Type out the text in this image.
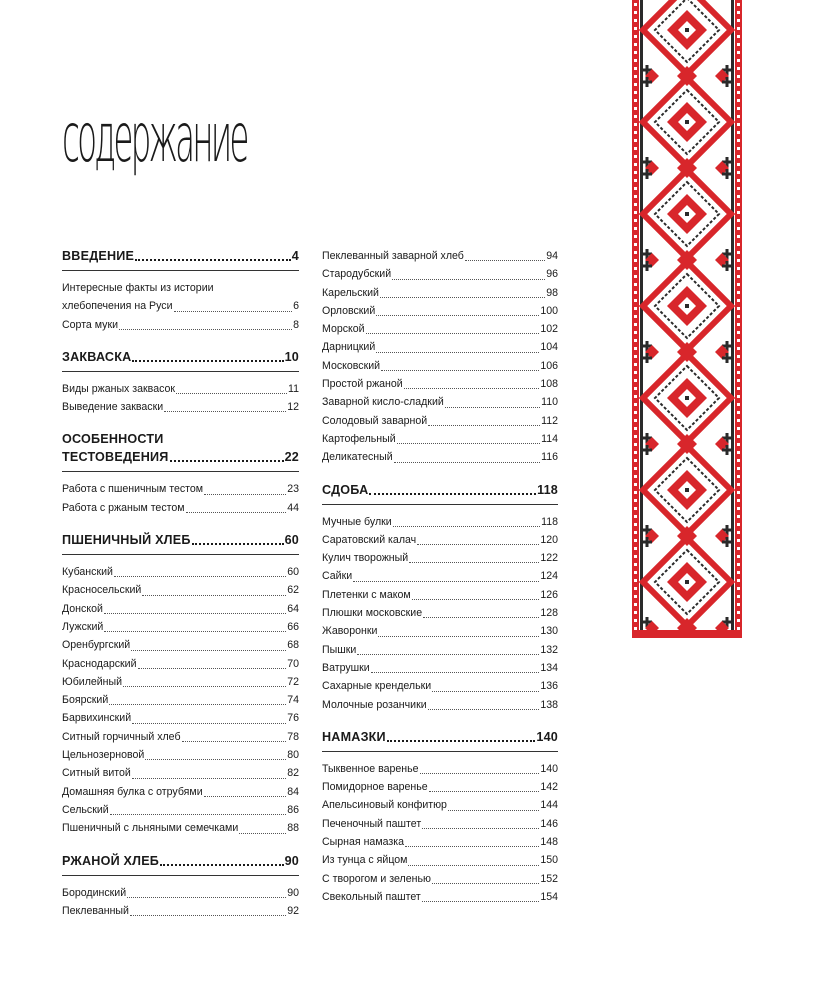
содержание
ВВЕДЕНИЕ	4
Интересные факты из истории
хлебопечения на Руси	6
Сорта муки	8
ЗАКВАСКА	10
Виды ржаных заквасок	11
Выведение закваски	12
ОСОБЕННОСТИ
ТЕСТОВЕДЕНИЯ	22
Работа с пшеничным тестом	23
Работа с ржаным тестом	44
ПШЕНИЧНЫЙ ХЛЕБ	60
Кубанский	60
Красносельский	62
Донской	64
Лужский	66
Оренбургский	68
Краснодарский	70
Юбилейный	72
Боярский	74
Барвихинский	76
Ситный горчичный хлеб	78
Цельнозерновой	80
Ситный витой	82
Домашняя булка с отрубями	84
Сельский	86
Пшеничный с льняными семечками	88
РЖАНОЙ ХЛЕБ	90
Бородинский	90
Пеклеванный	92
Пеклеванный заварной хлеб	94
Стародубский	96
Карельский	98
Орловский	100
Морской	102
Дарницкий	104
Московский	106
Простой ржаной	108
Заварной кисло-сладкий	110
Солодовый заварной	112
Картофельный	114
Деликатесный	116
СДОБА	118
Мучные булки	118
Саратовский калач	120
Кулич творожный	122
Сайки	124
Плетенки с маком	126
Плюшки московские	128
Жаворонки	130
Пышки	132
Ватрушки	134
Сахарные крендельки	136
Молочные розанчики	138
НАМАЗКИ	140
Тыквенное варенье	140
Помидорное варенье	142
Апельсиновый конфитюр	144
Печеночный паштет	146
Сырная намазка	148
Из тунца с яйцом	150
С творогом и зеленью	152
Свекольный паштет	154
